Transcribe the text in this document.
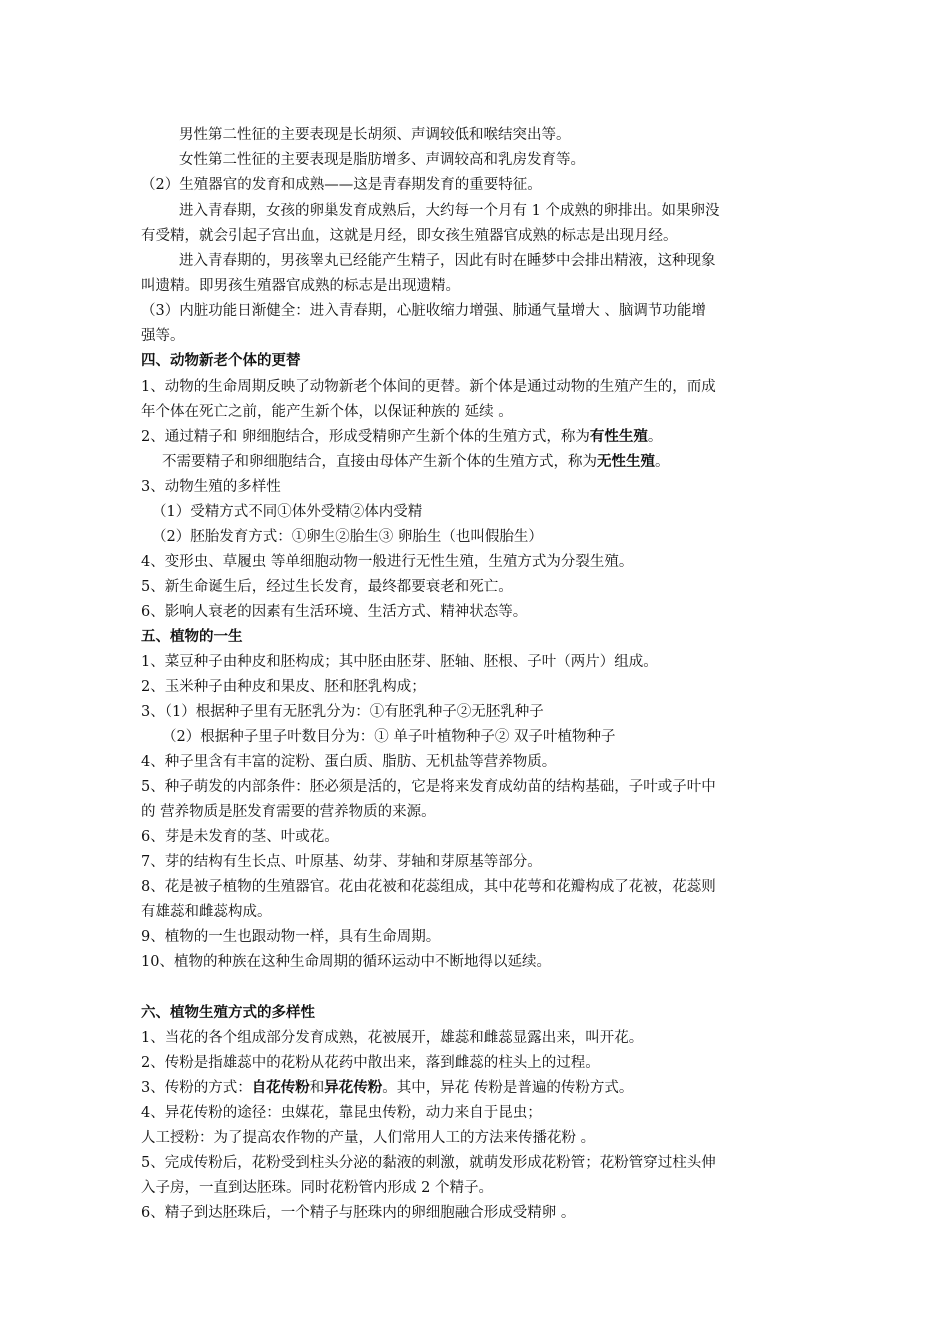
男性第二性征的主要表现是长胡须、声调较低和喉结突出等。
女性第二性征的主要表现是脂肪增多、声调较高和乳房发育等。
（2）生殖器官的发育和成熟——这是青春期发育的重要特征。
进入青春期，女孩的卵巢发育成熟后，大约每一个月有 1 个成熟的卵排出。如果卵没
有受精，就会引起子宫出血，这就是月经，即女孩生殖器官成熟的标志是出现月经。
进入青春期的，男孩睾丸已经能产生精子，因此有时在睡梦中会排出精液，这种现象
叫遗精。即男孩生殖器官成熟的标志是出现遗精。
（3）内脏功能日渐健全：进入青春期，心脏收缩力增强、肺通气量增大 、脑调节功能增
强等。
四、动物新老个体的更替
1、动物的生命周期反映了动物新老个体间的更替。新个体是通过动物的生殖产生的，而成
年个体在死亡之前，能产生新个体，以保证种族的 延续 。
2、通过精子和 卵细胞结合，形成受精卵产生新个体的生殖方式，称为有性生殖。
不需要精子和卵细胞结合，直接由母体产生新个体的生殖方式，称为无性生殖。
3、动物生殖的多样性
（1）受精方式不同①体外受精②体内受精
（2）胚胎发育方式：①卵生②胎生③ 卵胎生（也叫假胎生）
4、变形虫、草履虫 等单细胞动物一般进行无性生殖，生殖方式为分裂生殖。
5、新生命诞生后，经过生长发育，最终都要衰老和死亡。
6、影响人衰老的因素有生活环境、生活方式、精神状态等。
五、植物的一生
1、菜豆种子由种皮和胚构成；其中胚由胚芽、胚轴、胚根、子叶（两片）组成。
2、玉米种子由种皮和果皮、胚和胚乳构成；
3、（1）根据种子里有无胚乳分为：①有胚乳种子②无胚乳种子
（2）根据种子里子叶数目分为：① 单子叶植物种子② 双子叶植物种子
4、种子里含有丰富的淀粉、蛋白质、脂肪、无机盐等营养物质。
5、种子萌发的内部条件：胚必须是活的，它是将来发育成幼苗的结构基础，子叶或子叶中
的 营养物质是胚发育需要的营养物质的来源。
6、芽是未发育的茎、叶或花。
7、芽的结构有生长点、叶原基、幼芽、芽轴和芽原基等部分。
8、花是被子植物的生殖器官。花由花被和花蕊组成，其中花萼和花瓣构成了花被，花蕊则
有雄蕊和雌蕊构成。
9、植物的一生也跟动物一样，具有生命周期。
10、植物的种族在这种生命周期的循环运动中不断地得以延续。
六、植物生殖方式的多样性
1、当花的各个组成部分发育成熟，花被展开，雄蕊和雌蕊显露出来，叫开花。
2、传粉是指雄蕊中的花粉从花药中散出来，落到雌蕊的柱头上的过程。
3、传粉的方式：自花传粉和异花传粉。其中，异花 传粉是普遍的传粉方式。
4、异花传粉的途径：虫媒花，靠昆虫传粉，动力来自于昆虫；
人工授粉：为了提高农作物的产量，人们常用人工的方法来传播花粉 。
5、完成传粉后，花粉受到柱头分泌的黏液的刺激，就萌发形成花粉管；花粉管穿过柱头伸
入子房，一直到达胚珠。同时花粉管内形成 2 个精子。
6、精子到达胚珠后，一个精子与胚珠内的卵细胞融合形成受精卵 。
